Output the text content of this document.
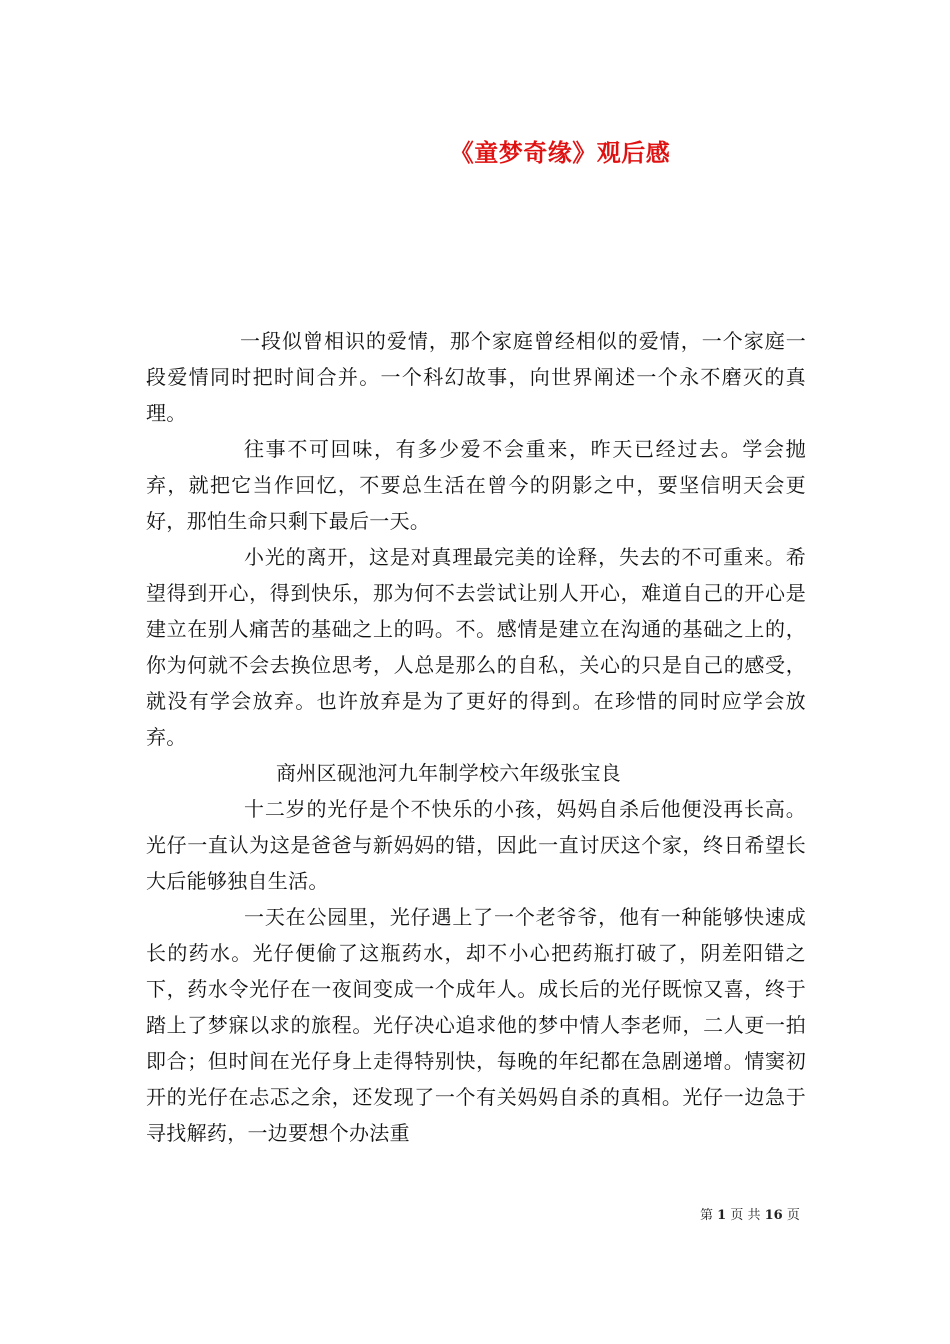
《童梦奇缘》观后感

一段似曾相识的爱情，那个家庭曾经相似的爱情，一个家庭一段爱情同时把时间合并。一个科幻故事，向世界阐述一个永不磨灭的真理。

往事不可回味，有多少爱不会重来，昨天已经过去。学会抛弃，就把它当作回忆，不要总生活在曾今的阴影之中，要坚信明天会更好，那怕生命只剩下最后一天。

小光的离开，这是对真理最完美的诠释，失去的不可重来。希望得到开心，得到快乐，那为何不去尝试让别人开心，难道自己的开心是建立在别人痛苦的基础之上的吗。不。感情是建立在沟通的基础之上的，你为何就不会去换位思考，人总是那么的自私，关心的只是自己的感受，就没有学会放弃。也许放弃是为了更好的得到。在珍惜的同时应学会放弃。

商州区砚池河九年制学校六年级张宝良

十二岁的光仔是个不快乐的小孩，妈妈自杀后他便没再长高。光仔一直认为这是爸爸与新妈妈的错，因此一直讨厌这个家，终日希望长大后能够独自生活。

一天在公园里，光仔遇上了一个老爷爷，他有一种能够快速成长的药水。光仔便偷了这瓶药水，却不小心把药瓶打破了，阴差阳错之下，药水令光仔在一夜间变成一个成年人。成长后的光仔既惊又喜，终于踏上了梦寐以求的旅程。光仔决心追求他的梦中情人李老师，二人更一拍即合；但时间在光仔身上走得特别快，每晚的年纪都在急剧递增。情窦初开的光仔在忐忑之余，还发现了一个有关妈妈自杀的真相。光仔一边急于寻找解药，一边要想个办法重

第 1 页 共 16 页
